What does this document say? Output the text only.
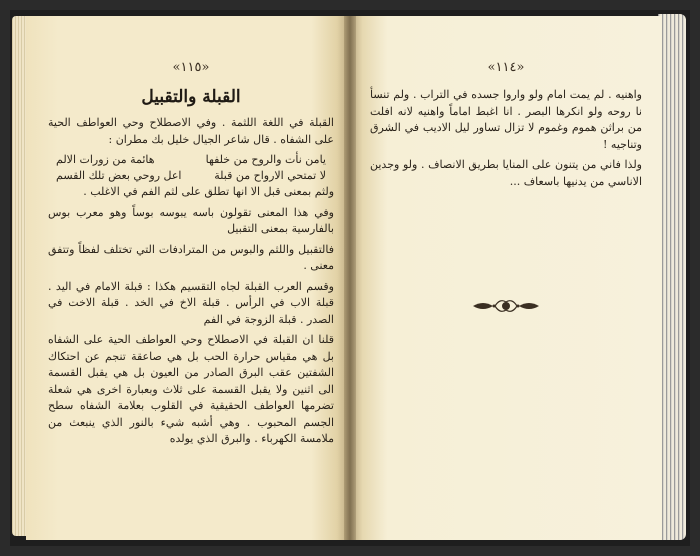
«١١٥»
القبلة والتقبيل

القبلة في اللغة اللثمة . وفي الاصطلاح وحي العواطف الحية على الشفاه . قال شاعر الجيال خليل بك مطران :

يامن نأت والروح من خلفها
هائمة من زورات الالم
لا تمتحي الارواح من قبلة
اعل روحي بعض تلك القسم

ولثم بمعنى قبل الا انها تطلق على لثم الفم في الاغلب .

وفي هذا المعنى تقولون باسه يبوسه بوساً وهو معرب بوس بالفارسية بمعنى التقبيل

فالتقبيل واللثم والبوس من المترادفات التي تختلف لفظاً وتتفق معنى .

وقسم العرب القبلة لجاه التقسيم هكذا : قبلة الامام في اليد . قبلة الاب في الرأس . قبلة الاخ في الخد . قبلة الاخت في الصدر . قبلة الزوجة في الفم

قلنا ان القبلة في الاصطلاح وحي العواطف الحية على الشفاه بل هي مقياس حرارة الحب بل هي صاعقة تنجم عن احتكاك الشفتين عقب البرق الصادر من العيون بل هي يقبل القسمة الى اثنين ولا يقبل القسمة على ثلاث وبعبارة اخرى هي شعلة تضرمها العواطف الحقيقية في القلوب بعلامة الشفاه سطح الجسم المحبوب . وهي أشبه شيء بالنور الذي ينبعث من ملامسة الكهرباء . والبرق الذي يولده

«١١٤»

واهنيه . لم يمت امام ولو واروا جسده في التراب . ولم تنسأ نا روحه ولو انكرها البصر . انا اغبط اماماً واهنيه لانه افلت من براثن هموم وغموم لا تزال تساور ليل الاديب في الشرق وتناجيه !

ولذا فاني من يتنون على المنايا بطريق الانصاف . ولو وجدين الاناسي من يدنيها باسعاف ...
